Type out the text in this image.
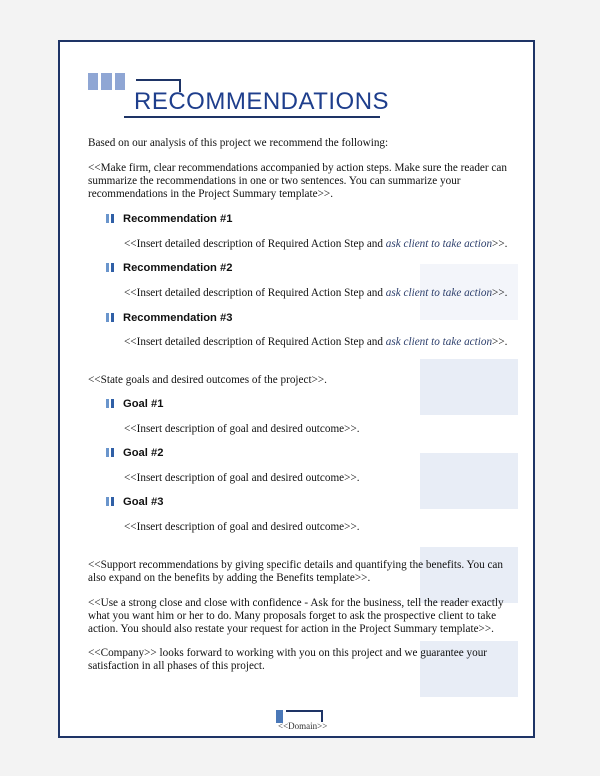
RECOMMENDATIONS
Based on our analysis of this project we recommend the following:
<<Make firm, clear recommendations accompanied by action steps. Make sure the reader can
summarize the recommendations in one or two sentences. You can summarize your
recommendations in the Project Summary template>>.
Recommendation #1
<<Insert detailed description of Required Action Step and ask client to take action>>.
Recommendation #2
<<Insert detailed description of Required Action Step and ask client to take action>>.
Recommendation #3
<<Insert detailed description of Required Action Step and ask client to take action>>.
<<State goals and desired outcomes of the project>>.
Goal #1
<<Insert description of goal and desired outcome>>.
Goal #2
<<Insert description of goal and desired outcome>>.
Goal #3
<<Insert description of goal and desired outcome>>.
<<Support recommendations by giving specific details and quantifying the benefits. You can
also expand on the benefits by adding the Benefits template>>.
<<Use a strong close and close with confidence - Ask for the business, tell the reader exactly
what you want him or her to do. Many proposals forget to ask the prospective client to take
action. You should also restate your request for action in the Project Summary template>>.
<<Company>> looks forward to working with you on this project and we guarantee your
satisfaction in all phases of this project.
<<Domain>>
